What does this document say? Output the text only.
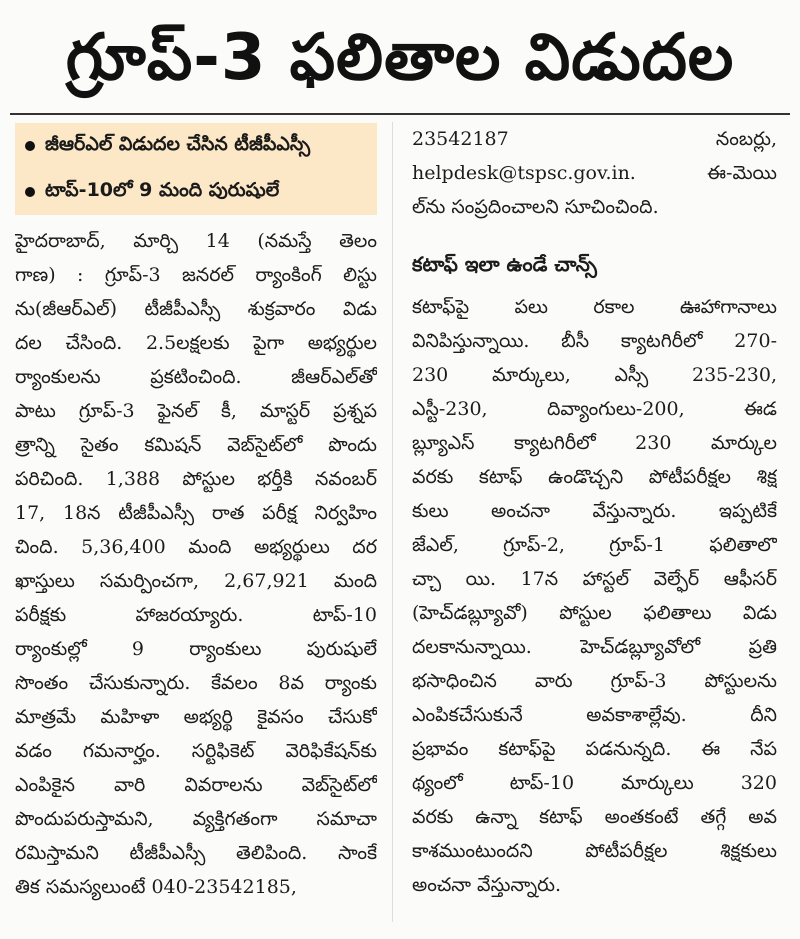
గ్రూప్-3 ఫలితాల విడుదల
జీఆర్‌ఎల్ విడుదల చేసిన టీజీపీఎస్సీ
టాప్-10లో 9 మంది పురుషులే
హైదరాబాద్, మార్చి 14 (నమస్తే తెలం
గాణ) : గ్రూప్-3 జనరల్ ర్యాంకింగ్ లిస్టు
ను(జీఆర్‌ఎల్) టీజీపీఎస్సీ శుక్రవారం విడు
దల చేసింది. 2.5లక్షలకు పైగా అభ్యర్థుల
ర్యాంకులను ప్రకటించింది. జీఆర్‌ఎల్‌తో
పాటు గ్రూప్-3 ఫైనల్ కీ, మాస్టర్ ప్రశ్నప
త్రాన్ని సైతం కమిషన్ వెబ్‌సైట్‌లో పొందు
పరిచింది. 1,388 పోస్టుల భర్తీకి నవంబర్
17, 18న టీజీపీఎస్సీ రాత పరీక్ష నిర్వహిం
చింది. 5,36,400 మంది అభ్యర్థులు దర
ఖాస్తులు సమర్పించగా, 2,67,921 మంది
పరీక్షకు హాజరయ్యారు. టాప్-10
ర్యాంకుల్లో 9 ర్యాంకులు పురుషులే
సొంతం చేసుకున్నారు. కేవలం 8వ ర్యాంకు
మాత్రమే మహిళా అభ్యర్థి కైవసం చేసుకో
వడం గమనార్హం. సర్టిఫికెట్ వెరిఫికేషన్‌కు
ఎంపికైన వారి వివరాలను వెబ్‌సైట్‌లో
పొందుపరుస్తామని, వ్యక్తిగతంగా సమాచా
రమిస్తామని టీజీపీఎస్సీ తెలిపింది. సాంకే
తిక సమస్యలుంటే 040-23542185,
23542187 నంబర్లు,
helpdesk@tspsc.gov.in. ఈ-మెయి
ల్‌ను సంప్రదించాలని సూచించింది.
కటాఫ్ ఇలా ఉండే చాన్స్
కటాఫ్‌పై పలు రకాల ఊహాగానాలు
వినిపిస్తున్నాయి. బీసీ క్యాటగిరీలో 270-
230 మార్కులు, ఎస్సీ 235-230,
ఎస్టీ-230, దివ్యాంగులు-200, ఈడ
బ్ల్యూఎస్ క్యాటగిరీలో 230 మార్కుల
వరకు కటాఫ్ ఉండొచ్చని పోటీపరీక్షల శిక్ష
కులు అంచనా వేస్తున్నారు. ఇప్పటికే
జేఎల్, గ్రూప్-2, గ్రూప్-1 ఫలితాలొ
చ్చా యి. 17న హాస్టల్ వెల్ఫేర్ ఆఫీసర్
(హెచ్‌డబ్ల్యూవో) పోస్టుల ఫలితాలు విడు
దలకానున్నాయి. హెచ్‌డబ్ల్యూవోలో ప్రతి
భసాధించిన వారు గ్రూప్-3 పోస్టులను
ఎంపికచేసుకునే అవకాశాల్లేవు. దీని
ప్రభావం కటాఫ్‌పై పడనున్నది. ఈ నేప
థ్యంలో టాప్-10 మార్కులు 320
వరకు ఉన్నా కటాఫ్ అంతకంటే తగ్గే అవ
కాశముంటుందని పోటీపరీక్షల శిక్షకులు
అంచనా వేస్తున్నారు.
